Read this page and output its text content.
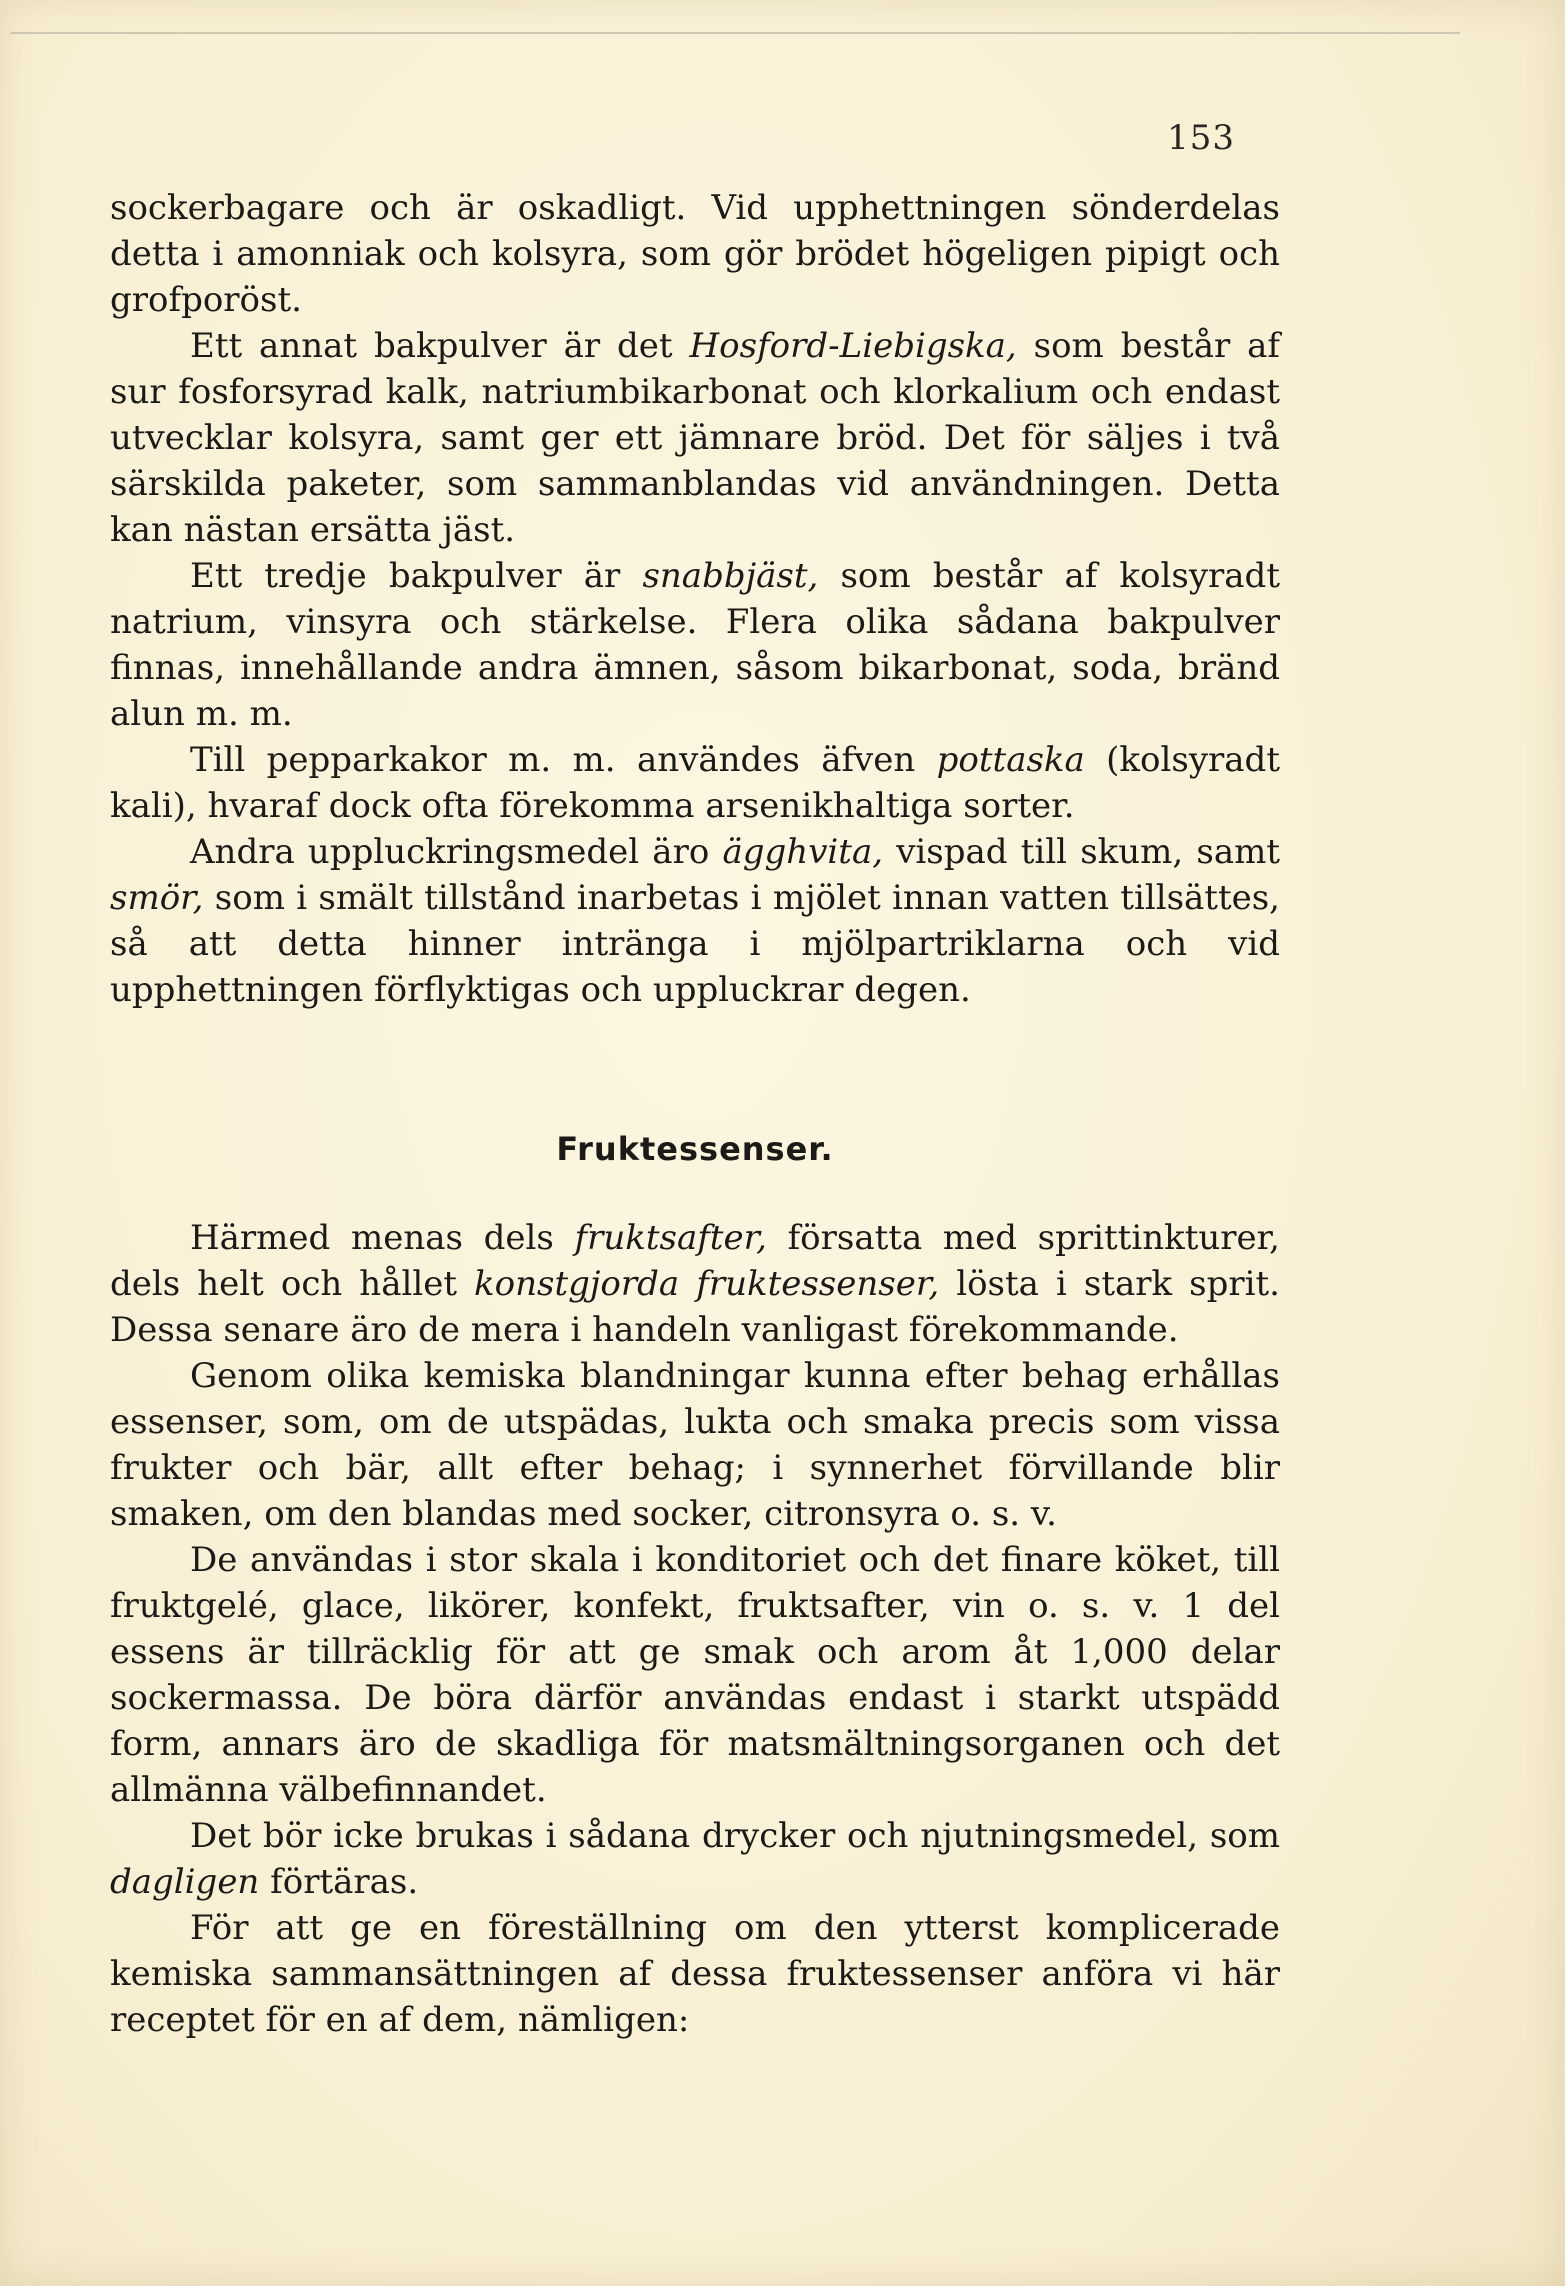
153

sockerbagare och är oskadligt. Vid upphettningen sönderdelas detta i amonniak och kolsyra, som gör brödet högeligen pipigt och grofporöst.

Ett annat bakpulver är det Hosford-Liebigska, som består af sur fosforsyrad kalk, natriumbikarbonat och klorkalium och endast utvecklar kolsyra, samt ger ett jämnare bröd. Det för säljes i två särskilda paketer, som sammanblandas vid användningen. Detta kan nästan ersätta jäst.

Ett tredje bakpulver är snabbjäst, som består af kolsyradt natrium, vinsyra och stärkelse. Flera olika sådana bakpulver finnas, innehållande andra ämnen, såsom bikarbonat, soda, bränd alun m. m.

Till pepparkakor m. m. användes äfven pottaska (kolsyradt kali), hvaraf dock ofta förekomma arsenikhaltiga sorter.

Andra uppluckringsmedel äro ägghvita, vispad till skum, samt smör, som i smält tillstånd inarbetas i mjölet innan vatten tillsättes, så att detta hinner inträngа i mjölpartriklarna och vid upphettningen förflyktigas och uppluckrar degen.

Fruktessenser.

Härmed menas dels fruktsafter, försatta med sprittinkturer, dels helt och hållet konstgjorda fruktessenser, lösta i stark sprit. Dessa senare äro de mera i handeln vanligast förekommande.

Genom olika kemiska blandningar kunna efter behag erhållas essenser, som, om de utspädas, lukta och smaka precis som vissa frukter och bär, allt efter behag; i synnerhet förvillande blir smaken, om den blandas med socker, citronsyra o. s. v.

De användas i stor skala i konditoriet och det finare köket, till fruktgelé, glace, likörer, konfekt, fruktsafter, vin o. s. v. 1 del essens är tillräcklig för att ge smak och arom åt 1,000 delar sockermassa. De böra därför användas endast i starkt utspädd form, annars äro de skadliga för matsmältningsorganen och det allmänna välbefinnandet.

Det bör icke brukas i sådana drycker och njutningsmedel, som dagligen förtäras.

För att ge en föreställning om den ytterst komplicerade kemiska sammansättningen af dessa fruktessenser anföra vi här receptet för en af dem, nämligen:
